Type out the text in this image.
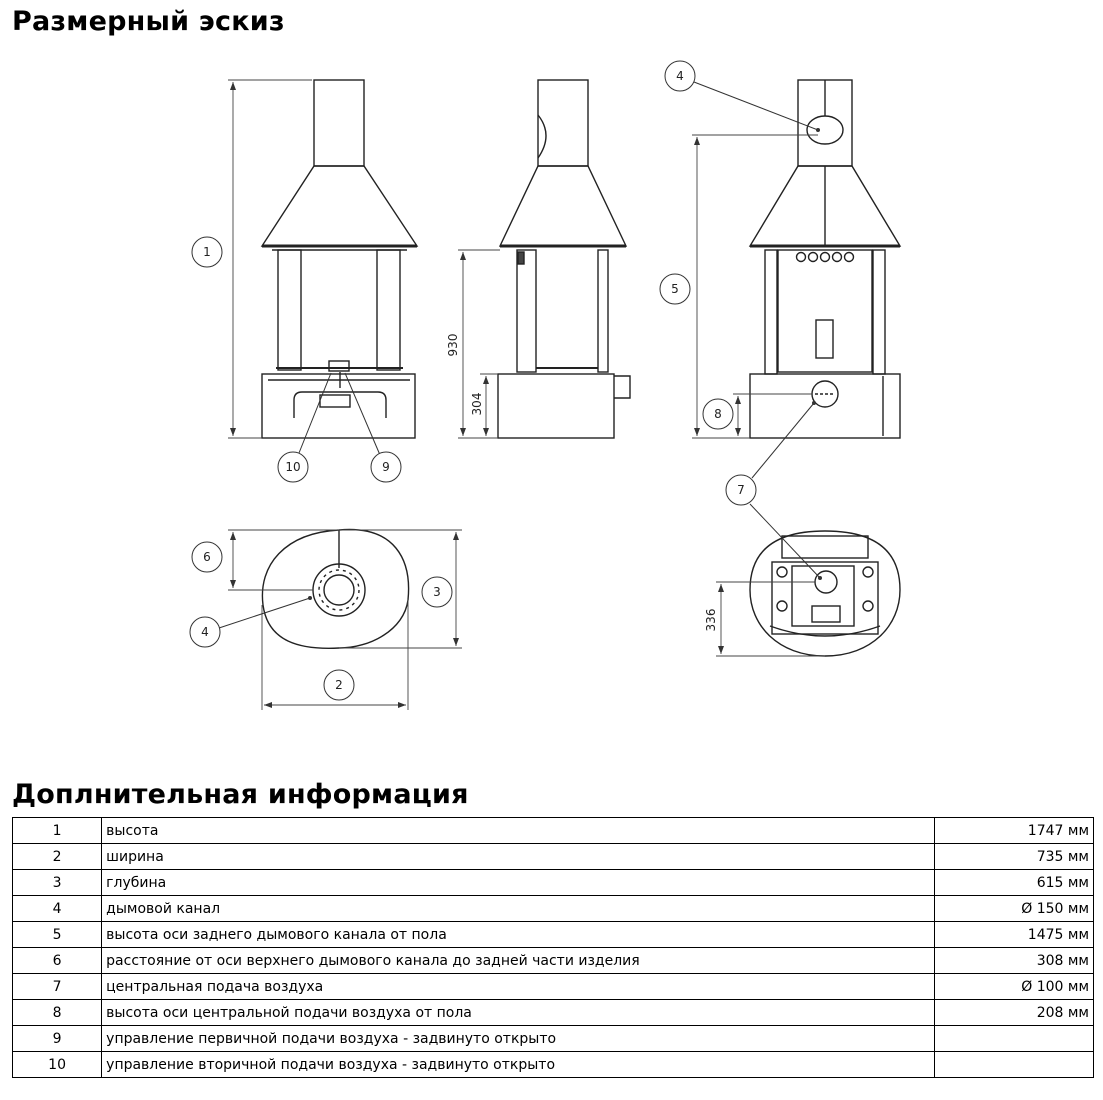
Размерный эскиз
930
304
336
1
2
3
4
4
5
6
7
8
9
10
Доплнительная информация
1	высота	1747 мм
2	ширина	735 мм
3	глубина	615 мм
4	дымовой канал	Ø 150 мм
5	высота оси заднего дымового канала от пола	1475 мм
6	расстояние от оси верхнего дымового канала до задней части изделия	308 мм
7	центральная подача воздуха	Ø 100 мм
8	высота оси центральной подачи воздуха от пола	208 мм
9	управление первичной подачи воздуха - задвинуто открыто	
10	управление вторичной подачи воздуха - задвинуто открыто	
